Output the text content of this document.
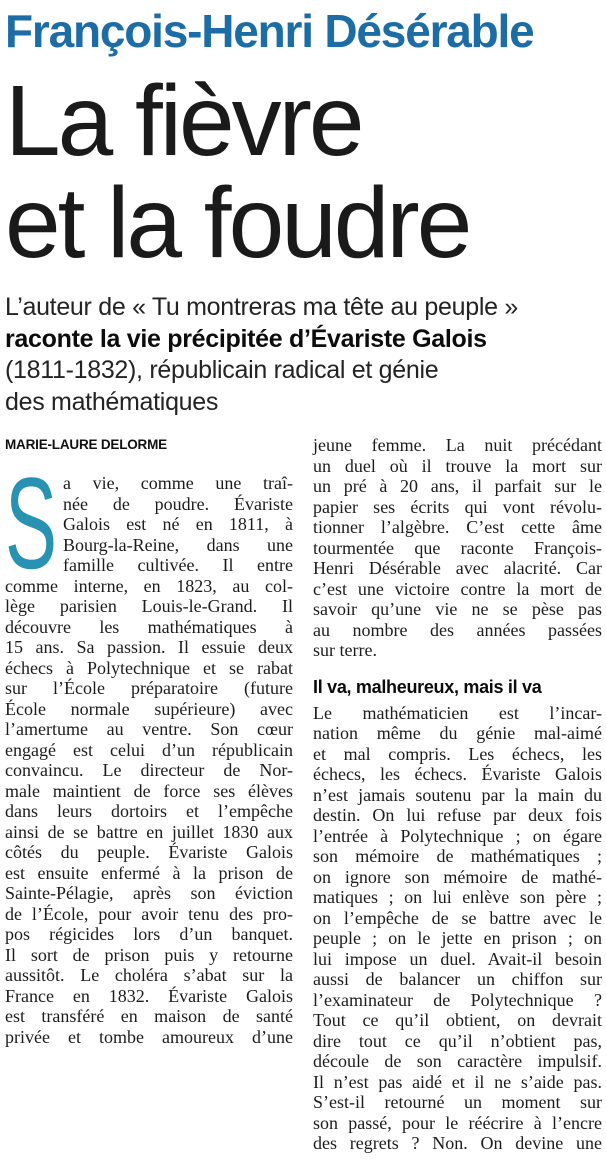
François-Henri Désérable
La fièvre
et la foudre
L’auteur de « Tu montreras ma tête au peuple »
raconte la vie précipitée d’Évariste Galois
(1811-1832), républicain radical et génie
des mathématiques
MARIE-LAURE DELORME
S a vie, comme une traî-
née de poudre. Évariste
Galois est né en 1811, à
Bourg-la-Reine, dans une
famille cultivée. Il entre
comme interne, en 1823, au col-
lège parisien Louis-le-Grand. Il
découvre les mathématiques à
15 ans. Sa passion. Il essuie deux
échecs à Polytechnique et se rabat
sur l’École préparatoire (future
École normale supérieure) avec
l’amertume au ventre. Son cœur
engagé est celui d’un républicain
convaincu. Le directeur de Nor-
male maintient de force ses élèves
dans leurs dortoirs et l’empêche
ainsi de se battre en juillet 1830 aux
côtés du peuple. Évariste Galois
est ensuite enfermé à la prison de
Sainte-Pélagie, après son éviction
de l’École, pour avoir tenu des pro-
pos régicides lors d’un banquet.
Il sort de prison puis y retourne
aussitôt. Le choléra s’abat sur la
France en 1832. Évariste Galois
est transféré en maison de santé
privée et tombe amoureux d’une
jeune femme. La nuit précédant
un duel où il trouve la mort sur
un pré à 20 ans, il parfait sur le
papier ses écrits qui vont révolu-
tionner l’algèbre. C’est cette âme
tourmentée que raconte François-
Henri Désérable avec alacrité. Car
c’est une victoire contre la mort de
savoir qu’une vie ne se pèse pas
au nombre des années passées
sur terre.
Il va, malheureux, mais il va
Le mathématicien est l’incar-
nation même du génie mal-aimé
et mal compris. Les échecs, les
échecs, les échecs. Évariste Galois
n’est jamais soutenu par la main du
destin. On lui refuse par deux fois
l’entrée à Polytechnique ; on égare
son mémoire de mathématiques ;
on ignore son mémoire de mathé-
matiques ; on lui enlève son père ;
on l’empêche de se battre avec le
peuple ; on le jette en prison ; on
lui impose un duel. Avait-il besoin
aussi de balancer un chiffon sur
l’examinateur de Polytechnique ?
Tout ce qu’il obtient, on devrait
dire tout ce qu’il n’obtient pas,
découle de son caractère impulsif.
Il n’est pas aidé et il ne s’aide pas.
S’est-il retourné un moment sur
son passé, pour le réécrire à l’encre
des regrets ? Non. On devine une
